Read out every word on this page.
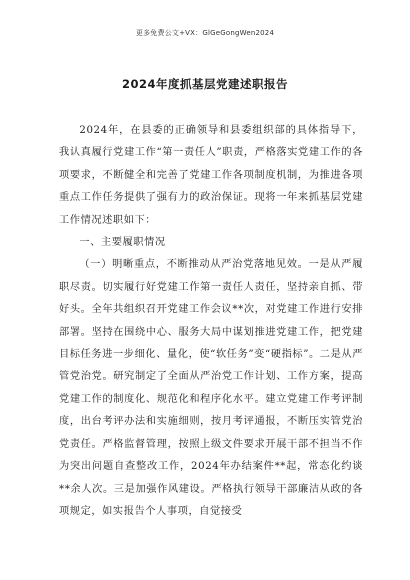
更多免费公文+VX：GlGeGongWen2024
2024年度抓基层党建述职报告

2024年，在县委的正确领导和县委组织部的具体指导下，我认真履行党建工作“第一责任人”职责，严格落实党建工作的各项要求，不断健全和完善了党建工作各项制度机制，为推进各项重点工作任务提供了强有力的政治保证。现将一年来抓基层党建工作情况述职如下：

一、主要履职情况

（一）明晰重点，不断推动从严治党落地见效。一是从严履职尽责。切实履行好党建工作第一责任人责任，坚持亲自抓、带好头。全年共组织召开党建工作会议**次，对党建工作进行安排部署。坚持在围绕中心、服务大局中谋划推进党建工作，把党建目标任务进一步细化、量化，使“软任务”变“硬指标”。二是从严管党治党。研究制定了全面从严治党工作计划、工作方案，提高党建工作的制度化、规范化和程序化水平。建立党建工作考评制度，出台考评办法和实施细则，按月考评通报，不断压实管党治党责任。严格监督管理，按照上级文件要求开展干部不担当不作为突出问题自查整改工作，2024年办结案件**起，常态化约谈**余人次。三是加强作风建设。严格执行领导干部廉洁从政的各项规定，如实报告个人事项，自觉接受
